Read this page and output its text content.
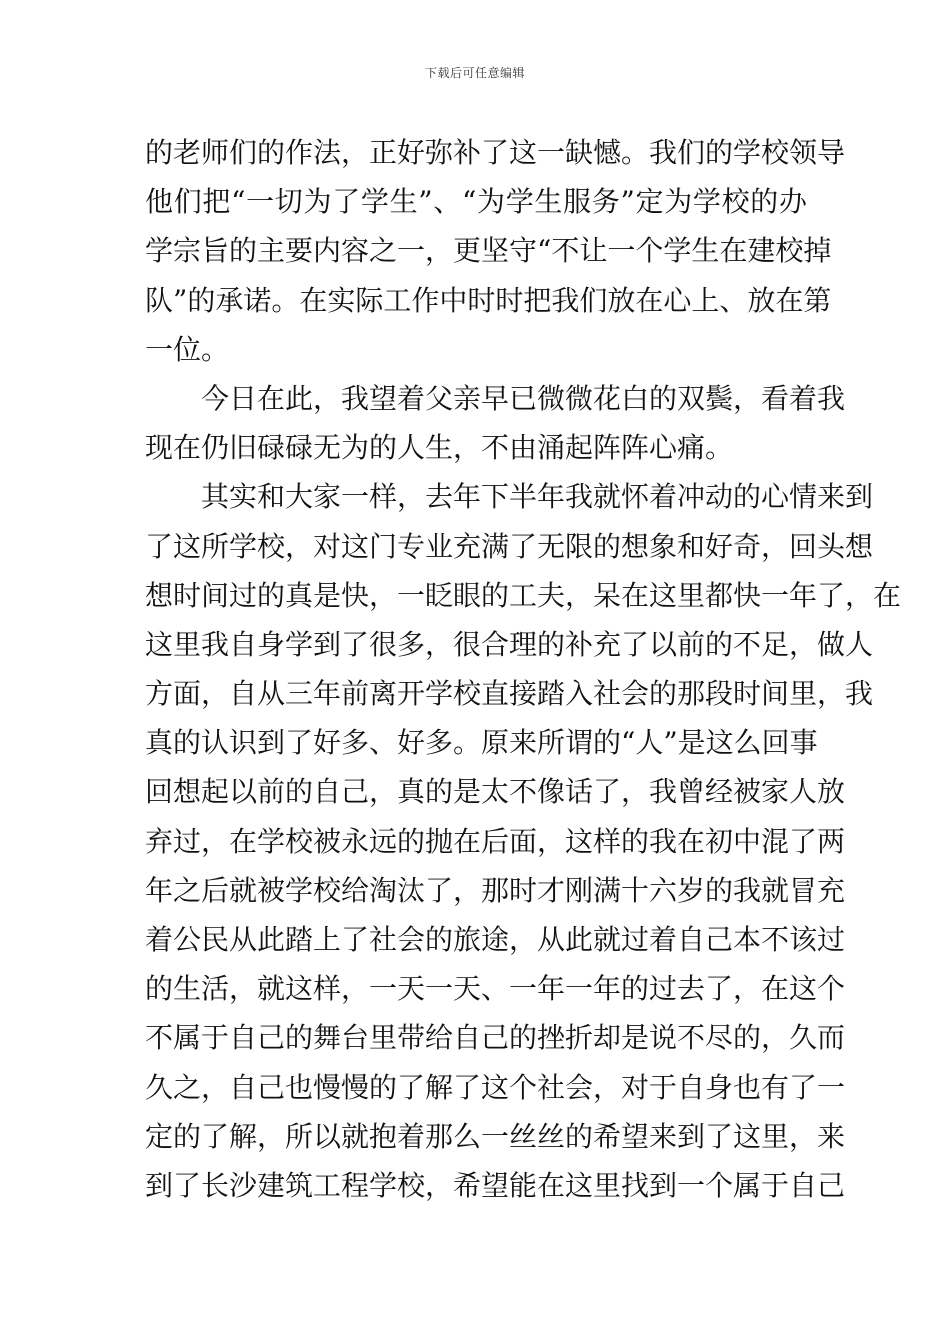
下载后可任意编辑
的老师们的作法，正好弥补了这一缺憾。我们的学校领导
他们把“一切为了学生”、“为学生服务”定为学校的办
学宗旨的主要内容之一，更坚守“不让一个学生在建校掉
队”的承诺。在实际工作中时时把我们放在心上、放在第
一位。
今日在此，我望着父亲早已微微花白的双鬓，看着我
现在仍旧碌碌无为的人生，不由涌起阵阵心痛。
其实和大家一样，去年下半年我就怀着冲动的心情来到
了这所学校，对这门专业充满了无限的想象和好奇，回头想
想时间过的真是快，一眨眼的工夫，呆在这里都快一年了，在
这里我自身学到了很多，很合理的补充了以前的不足，做人
方面，自从三年前离开学校直接踏入社会的那段时间里，我
真的认识到了好多、好多。原来所谓的“人”是这么回事
回想起以前的自己，真的是太不像话了，我曾经被家人放
弃过，在学校被永远的抛在后面，这样的我在初中混了两
年之后就被学校给淘汰了，那时才刚满十六岁的我就冒充
着公民从此踏上了社会的旅途，从此就过着自己本不该过
的生活，就这样，一天一天、一年一年的过去了，在这个
不属于自己的舞台里带给自己的挫折却是说不尽的，久而
久之，自己也慢慢的了解了这个社会，对于自身也有了一
定的了解，所以就抱着那么一丝丝的希望来到了这里，来
到了长沙建筑工程学校，希望能在这里找到一个属于自己
